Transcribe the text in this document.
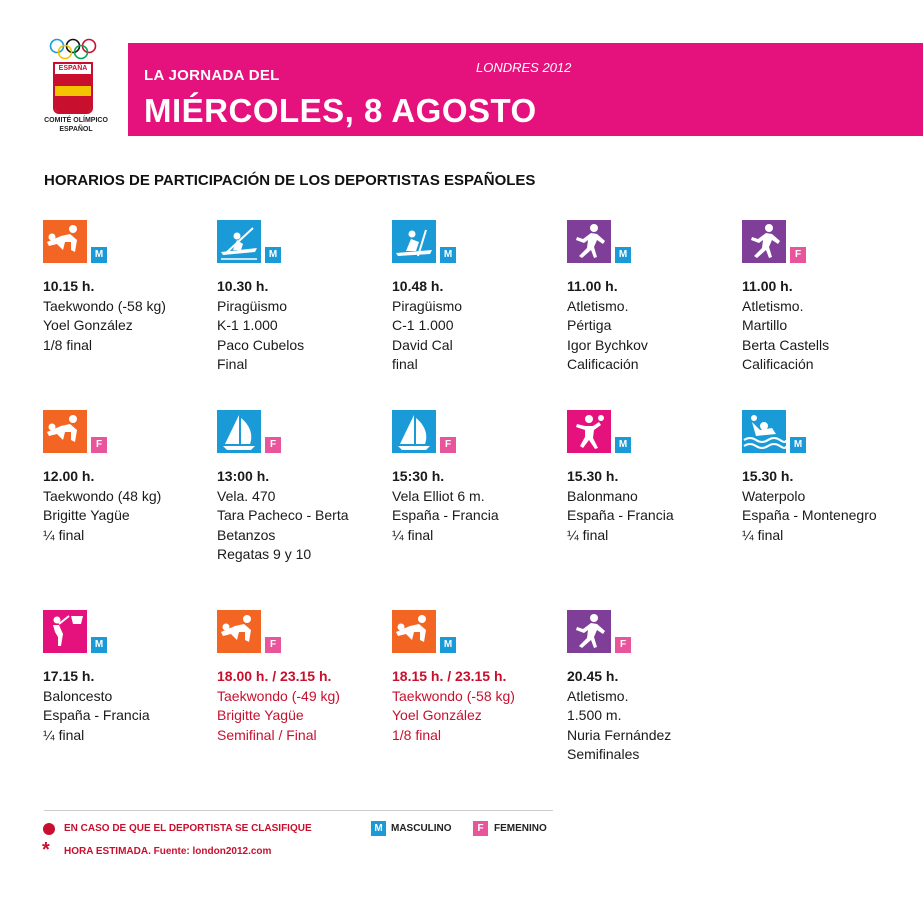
ESPAÑA
COMITÉ OLÍMPICO ESPAÑOL
LA JORNADA DEL	LONDRES 2012
MIÉRCOLES, 8 AGOSTO
HORARIOS DE PARTICIPACIÓN DE LOS DEPORTISTAS ESPAÑOLES
M
10.15 h.
Taekwondo (-58 kg)
Yoel González
1/8 final
M
10.30 h.
Piragüismo
K-1 1.000
Paco Cubelos
Final
M
10.48 h.
Piragüismo
C-1 1.000
David Cal
final
M
11.00 h.
Atletismo.
Pértiga
Igor Bychkov
Calificación
F
11.00 h.
Atletismo.
Martillo
Berta Castells
Calificación
F
12.00 h.
Taekwondo (48 kg)
Brigitte Yagüe
¼ final
F
13:00 h.
Vela. 470
Tara Pacheco - Berta
Betanzos
Regatas 9 y 10
F
15:30 h.
Vela Elliot 6 m.
España - Francia
¼ final
M
15.30 h.
Balonmano
España - Francia
¼ final
M
15.30 h.
Waterpolo
España - Montenegro
¼ final
M
17.15 h.
Baloncesto
España - Francia
¼ final
F
18.00 h. / 23.15 h.
Taekwondo (-49 kg)
Brigitte Yagüe
Semifinal / Final
M
18.15 h. / 23.15 h.
Taekwondo (-58 kg)
Yoel González
1/8 final
F
20.45 h.
Atletismo.
1.500 m.
Nuria Fernández
Semifinales
EN CASO DE QUE EL DEPORTISTA SE CLASIFIQUE
* HORA ESTIMADA. Fuente: london2012.com
M MASCULINO	F	FEMENINO
